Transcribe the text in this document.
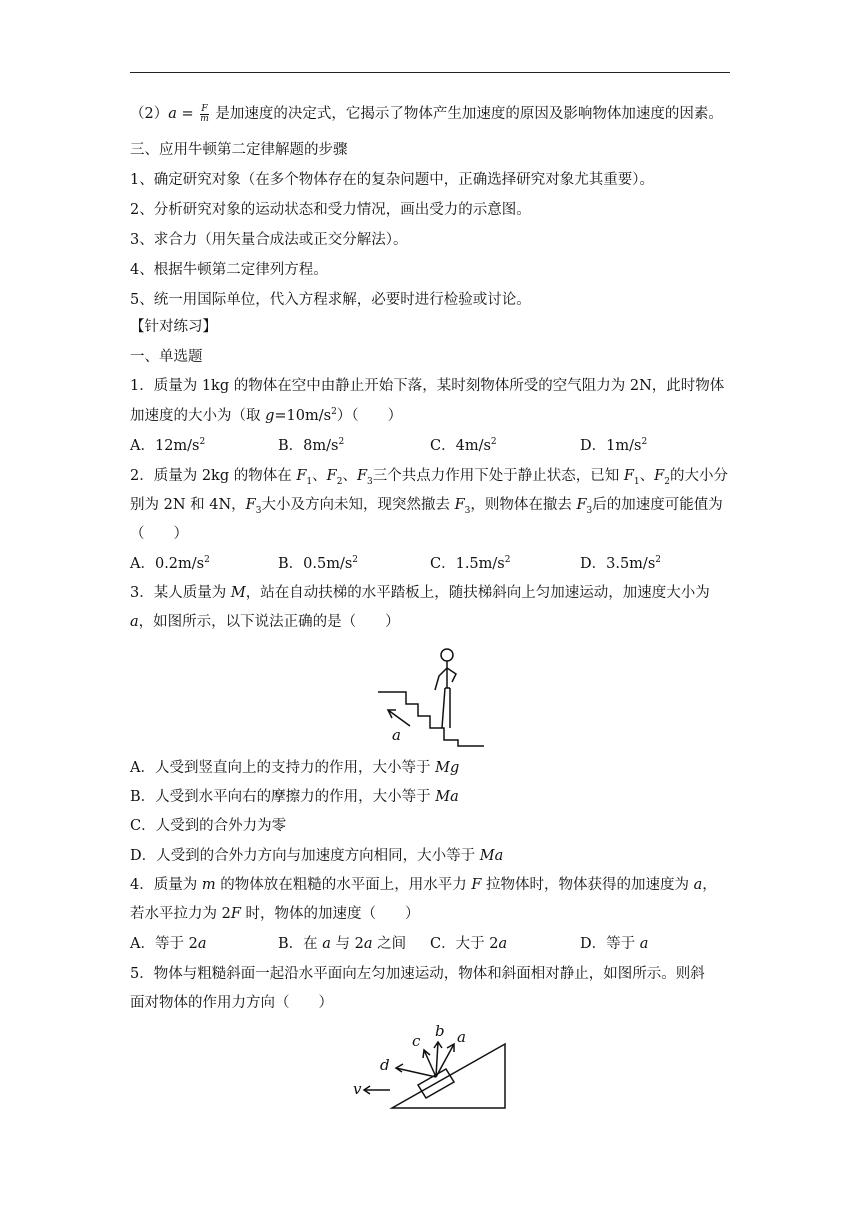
$(2)a = \frac{F}{m}$ 是加速度的决定式，它揭示了物体产生加速度的原因及影响物体加速度的因素。
三、应用牛顿第二定律解题的步骤
1、确定研究对象（在多个物体存在的复杂问题中，正确选择研究对象尤其重要）。
2、分析研究对象的运动状态和受力情况，画出受力的示意图。
3、求合力（用矢量合成法或正交分解法）。
4、根据牛顿第二定律列方程。
5、统一用国际单位，代入方程求解，必要时进行检验或讨论。
【针对练习】
一、单选题
1．质量为 1kg 的物体在空中由静止开始下落，某时刻物体所受的空气阻力为 2N，此时物体
加速度的大小为（取 $g=10m/s^2$）（　　）
A．$12m/s^2$	B．$8m/s^2$	C．$4m/s^2$	D．$1m/s^2$
2．质量为 2kg 的物体在 $F_1$、$F_2$、$F_3$三个共点力作用下处于静止状态，已知 $F_1$、$F_2$的大小分
别为 2N 和 4N，$F_3$大小及方向未知，现突然撤去 $F_3$，则物体在撤去 $F_3$后的加速度可能值为
（　　）
A．$0.2m/s^2$	B．$0.5m/s^2$	C．$1.5m/s^2$	D．$3.5m/s^2$
3．某人质量为 M，站在自动扶梯的水平踏板上，随扶梯斜向上匀加速运动，加速度大小为
a，如图所示，以下说法正确的是（　　）
a
A．人受到竖直向上的支持力的作用，大小等于 Mg
B．人受到水平向右的摩擦力的作用，大小等于 Ma
C．人受到的合外力为零
D．人受到的合外力方向与加速度方向相同，大小等于 Ma
4．质量为 m 的物体放在粗糙的水平面上，用水平力 F 拉物体时，物体获得的加速度为 a，
若水平拉力为 2F 时，物体的加速度（　　）
A．等于 2a	B．在 a 与 2a 之间 C．大于 2a	D．等于 a
5．物体与粗糙斜面一起沿水平面向左匀加速运动，物体和斜面相对静止，如图所示。则斜
面对物体的作用力方向（　　）
a
b
c
d
v
